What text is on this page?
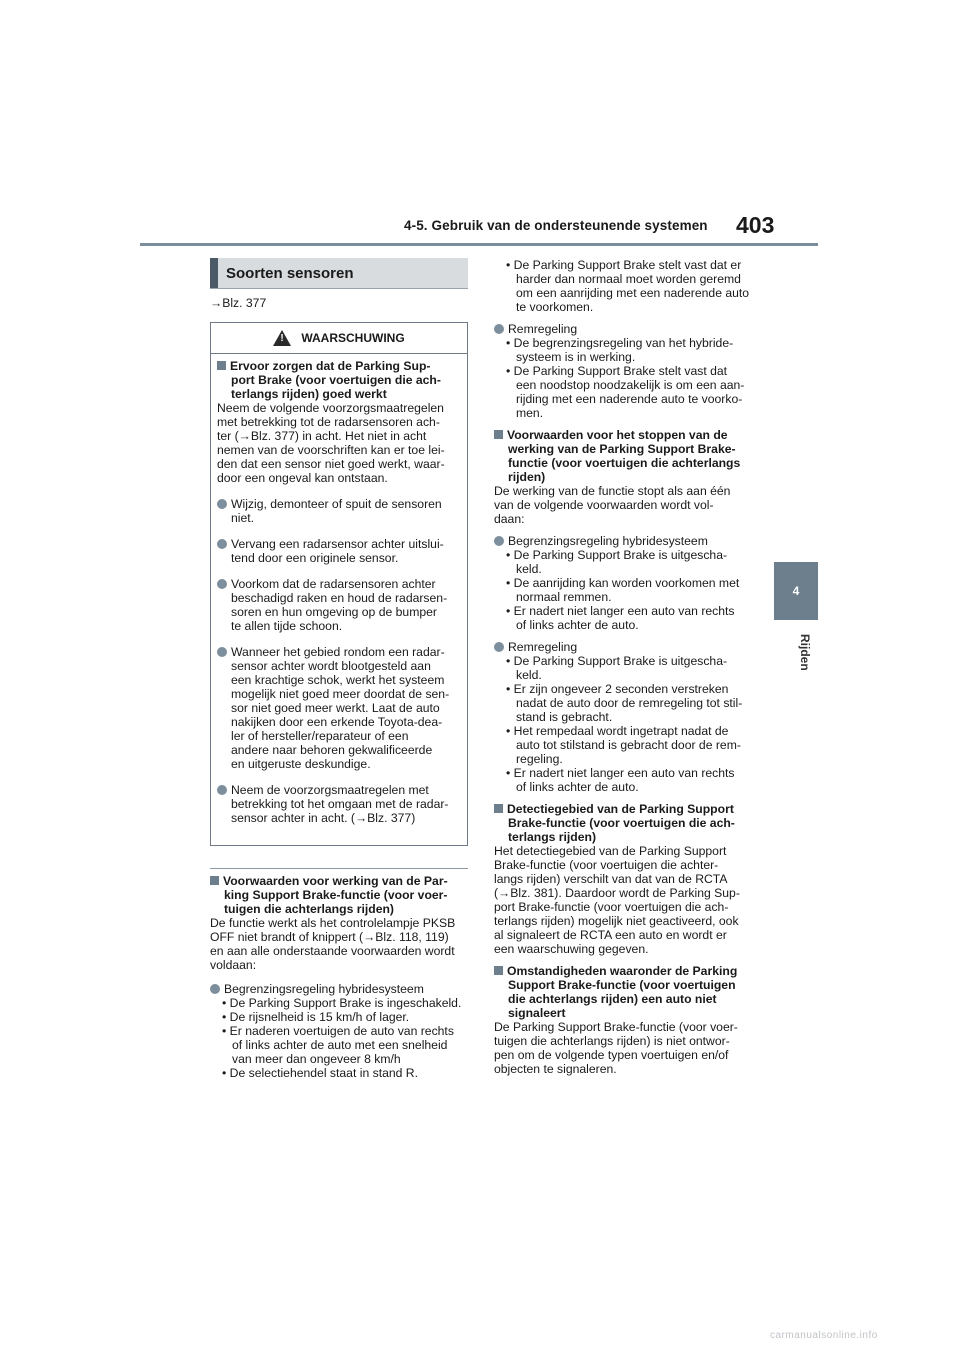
4-5. Gebruik van de ondersteunende systemen 403
4
Rijden
Soorten sensoren
→Blz. 377
!
WAARSCHUWING

Ervoor zorgen dat de Parking Sup-
port Brake (voor voertuigen die ach-
terlangs rijden) goed werkt

Neem de volgende voorzorgsmaatregelen
met betrekking tot de radarsensoren ach-
ter (→Blz. 377) in acht. Het niet in acht
nemen van de voorschriften kan er toe lei-
den dat een sensor niet goed werkt, waar-
door een ongeval kan ontstaan.

Wijzig, demonteer of spuit de sensoren
niet.

Vervang een radarsensor achter uitslui-
tend door een originele sensor.

Voorkom dat de radarsensoren achter
beschadigd raken en houd de radarsen-
soren en hun omgeving op de bumper
te allen tijde schoon.

Wanneer het gebied rondom een radar-
sensor achter wordt blootgesteld aan
een krachtige schok, werkt het systeem
mogelijk niet goed meer doordat de sen-
sor niet goed meer werkt. Laat de auto
nakijken door een erkende Toyota-dea-
ler of hersteller/reparateur of een
andere naar behoren gekwalificeerde
en uitgeruste deskundige.

Neem de voorzorgsmaatregelen met
betrekking tot het omgaan met de radar-
sensor achter in acht. (→Blz. 377)

Voorwaarden voor werking van de Par-
king Support Brake-functie (voor voer-
tuigen die achterlangs rijden)

De functie werkt als het controlelampje PKSB
OFF niet brandt of knippert (→Blz. 118, 119)
en aan alle onderstaande voorwaarden wordt
voldaan:

Begrenzingsregeling hybridesysteem

• De Parking Support Brake is ingeschakeld.

• De rijsnelheid is 15 km/h of lager.

• Er naderen voertuigen de auto van rechts
of links achter de auto met een snelheid
van meer dan ongeveer 8 km/h

• De selectiehendel staat in stand R.

• De Parking Support Brake stelt vast dat er
harder dan normaal moet worden geremd
om een aanrijding met een naderende auto
te voorkomen.

Remregeling

• De begrenzingsregeling van het hybride-
systeem is in werking.

• De Parking Support Brake stelt vast dat
een noodstop noodzakelijk is om een aan-
rijding met een naderende auto te voorko-
men.

Voorwaarden voor het stoppen van de
werking van de Parking Support Brake-
functie (voor voertuigen die achterlangs
rijden)

De werking van de functie stopt als aan één
van de volgende voorwaarden wordt vol-
daan:

Begrenzingsregeling hybridesysteem

• De Parking Support Brake is uitgescha-
keld.

• De aanrijding kan worden voorkomen met
normaal remmen.

• Er nadert niet langer een auto van rechts
of links achter de auto.

Remregeling

• De Parking Support Brake is uitgescha-
keld.

• Er zijn ongeveer 2 seconden verstreken
nadat de auto door de remregeling tot stil-
stand is gebracht.

• Het rempedaal wordt ingetrapt nadat de
auto tot stilstand is gebracht door de rem-
regeling.

• Er nadert niet langer een auto van rechts
of links achter de auto.

Detectiegebied van de Parking Support
Brake-functie (voor voertuigen die ach-
terlangs rijden)

Het detectiegebied van de Parking Support
Brake-functie (voor voertuigen die achter-
langs rijden) verschilt van dat van de RCTA
(→Blz. 381). Daardoor wordt de Parking Sup-
port Brake-functie (voor voertuigen die ach-
terlangs rijden) mogelijk niet geactiveerd, ook
al signaleert de RCTA een auto en wordt er
een waarschuwing gegeven.

Omstandigheden waaronder de Parking
Support Brake-functie (voor voertuigen
die achterlangs rijden) een auto niet
signaleert

De Parking Support Brake-functie (voor voer-
tuigen die achterlangs rijden) is niet ontwor-
pen om de volgende typen voertuigen en/of
objecten te signaleren.

carmanualsonline.info
